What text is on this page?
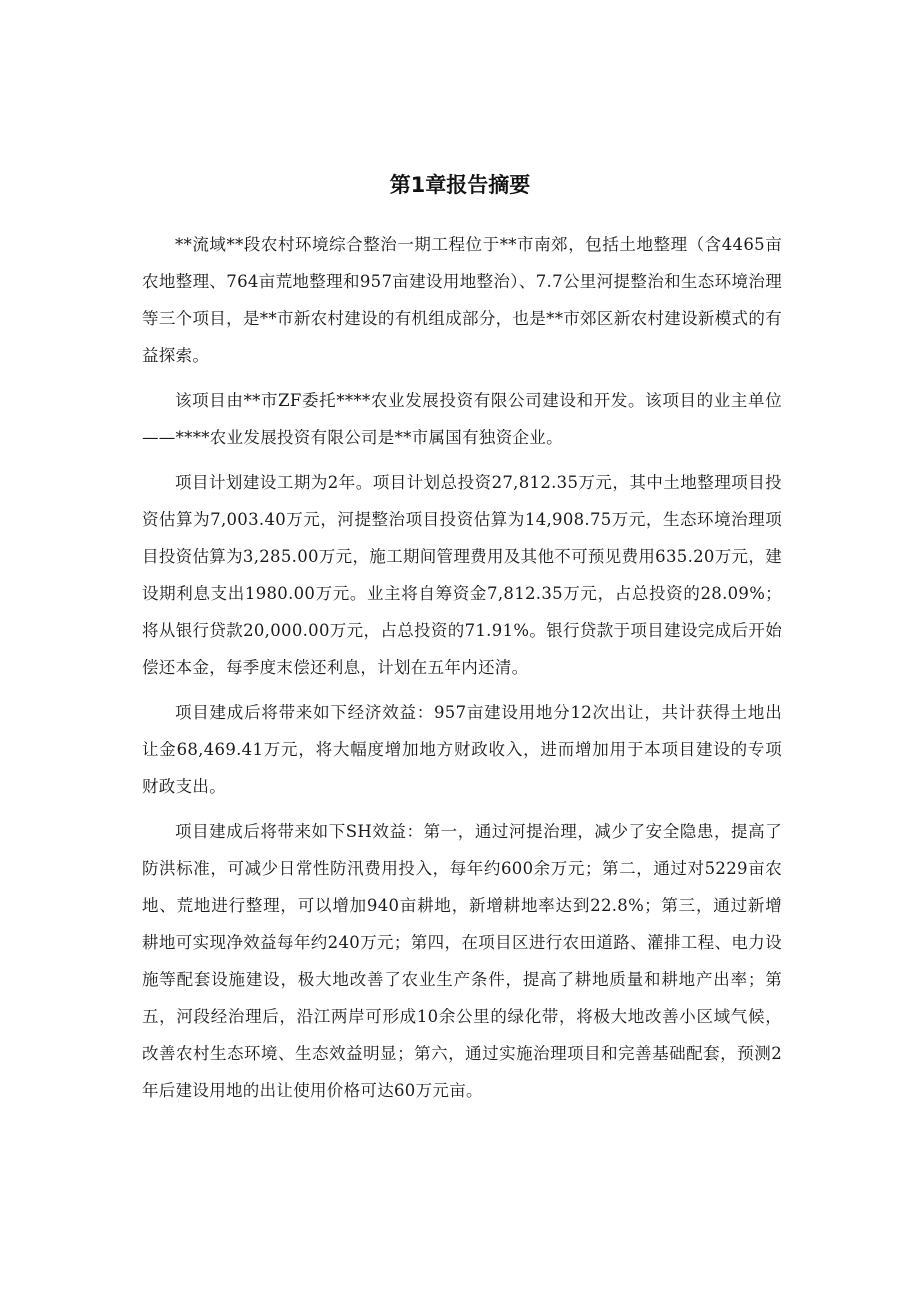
第1章报告摘要

**流域**段农村环境综合整治一期工程位于**市南郊，包括土地整理（含4465亩农地整理、764亩荒地整理和957亩建设用地整治）、7.7公里河提整治和生态环境治理等三个项目，是**市新农村建设的有机组成部分，也是**市郊区新农村建设新模式的有益探索。

该项目由**市ZF委托****农业发展投资有限公司建设和开发。该项目的业主单位——****农业发展投资有限公司是**市属国有独资企业。

项目计划建设工期为2年。项目计划总投资27,812.35万元，其中土地整理项目投资估算为7,003.40万元，河提整治项目投资估算为14,908.75万元，生态环境治理项目投资估算为3,285.00万元，施工期间管理费用及其他不可预见费用635.20万元，建设期利息支出1980.00万元。业主将自筹资金7,812.35万元，占总投资的28.09%；将从银行贷款20,000.00万元，占总投资的71.91%。银行贷款于项目建设完成后开始偿还本金，每季度末偿还利息，计划在五年内还清。

项目建成后将带来如下经济效益：957亩建设用地分12次出让，共计获得土地出让金68,469.41万元，将大幅度增加地方财政收入，进而增加用于本项目建设的专项财政支出。

项目建成后将带来如下SH效益：第一，通过河提治理，减少了安全隐患，提高了防洪标准，可减少日常性防汛费用投入，每年约600余万元；第二，通过对5229亩农地、荒地进行整理，可以增加940亩耕地，新增耕地率达到22.8%；第三，通过新增耕地可实现净效益每年约240万元；第四，在项目区进行农田道路、灌排工程、电力设施等配套设施建设，极大地改善了农业生产条件，提高了耕地质量和耕地产出率；第五，河段经治理后，沿江两岸可形成10余公里的绿化带，将极大地改善小区域气候，改善农村生态环境、生态效益明显；第六，通过实施治理项目和完善基础配套，预测2年后建设用地的出让使用价格可达60万元亩。
